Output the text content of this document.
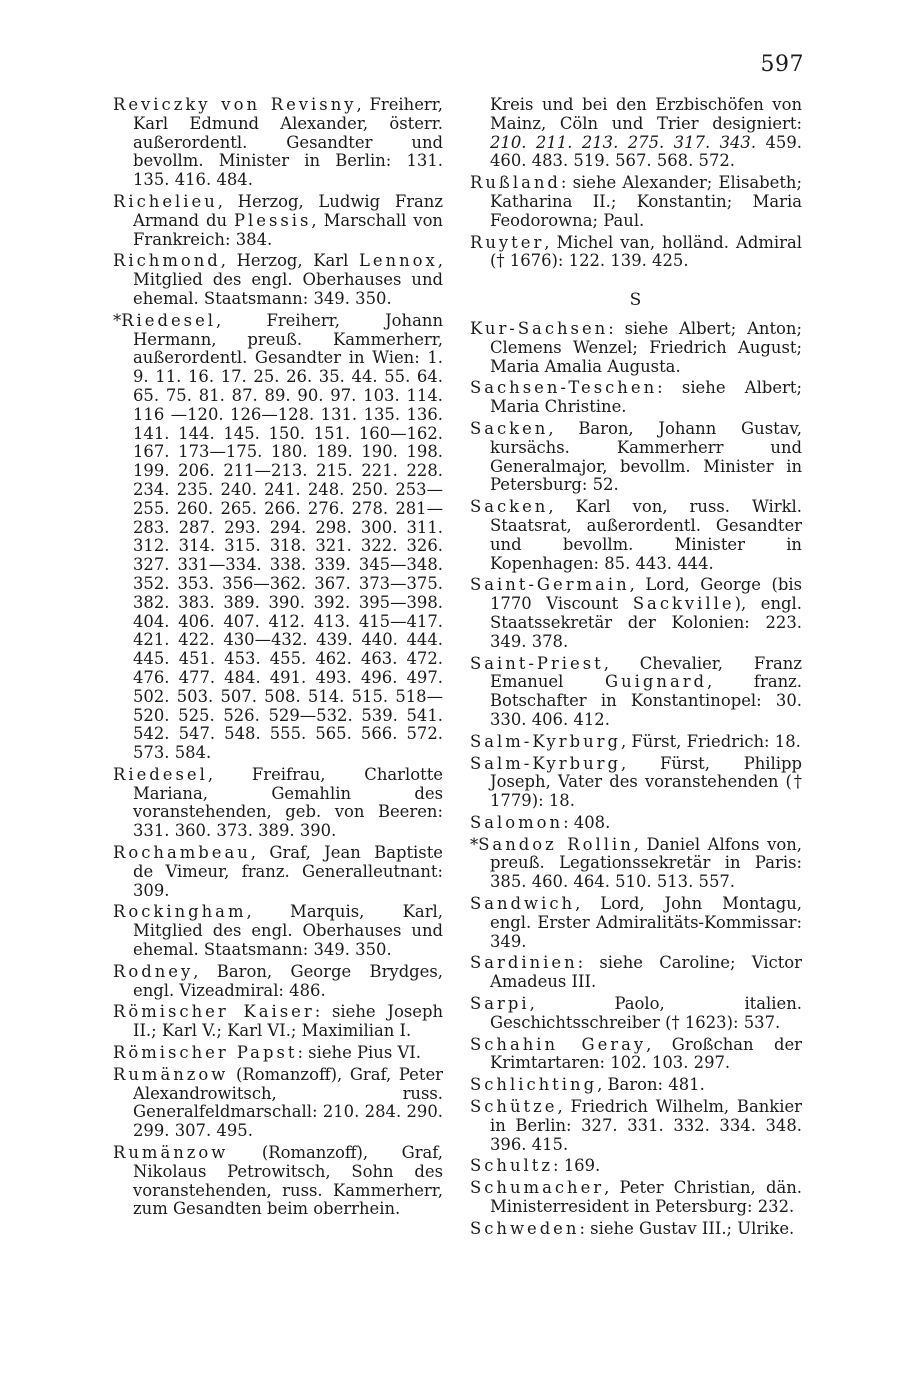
597
Reviczky von Revisny, Freiherr, Karl Edmund Alexander, österr. außerordentl. Gesandter und bevollm. Minister in Berlin: 131. 135. 416. 484.
Richelieu, Herzog, Ludwig Franz Armand du Plessis, Marschall von Frankreich: 384.
Richmond, Herzog, Karl Lennox, Mitglied des engl. Oberhauses und ehemal. Staatsmann: 349. 350.
*Riedesel, Freiherr, Johann Hermann, preuß. Kammerherr, außerordentl. Gesandter in Wien: 1. 9. 11. 16. 17. 25. 26. 35. 44. 55. 64. 65. 75. 81. 87. 89. 90. 97. 103. 114. 116 —120. 126—128. 131. 135. 136. 141. 144. 145. 150. 151. 160—162. 167. 173—175. 180. 189. 190. 198. 199. 206. 211—213. 215. 221. 228. 234. 235. 240. 241. 248. 250. 253—255. 260. 265. 266. 276. 278. 281—283. 287. 293. 294. 298. 300. 311. 312. 314. 315. 318. 321. 322. 326. 327. 331—334. 338. 339. 345—348. 352. 353. 356—362. 367. 373—375. 382. 383. 389. 390. 392. 395—398. 404. 406. 407. 412. 413. 415—417. 421. 422. 430—432. 439. 440. 444. 445. 451. 453. 455. 462. 463. 472. 476. 477. 484. 491. 493. 496. 497. 502. 503. 507. 508. 514. 515. 518—520. 525. 526. 529—532. 539. 541. 542. 547. 548. 555. 565. 566. 572. 573. 584.
Riedesel, Freifrau, Charlotte Mariana, Gemahlin des voranstehenden, geb. von Beeren: 331. 360. 373. 389. 390.
Rochambeau, Graf, Jean Baptiste de Vimeur, franz. Generalleutnant: 309.
Rockingham, Marquis, Karl, Mitglied des engl. Oberhauses und ehemal. Staatsmann: 349. 350.
Rodney, Baron, George Brydges, engl. Vizeadmiral: 486.
Römischer Kaiser: siehe Joseph II.; Karl V.; Karl VI.; Maximilian I.
Römischer Papst: siehe Pius VI.
Rumänzow (Romanzoff), Graf, Peter Alexandrowitsch, russ. Generalfeldmarschall: 210. 284. 290. 299. 307. 495.
Rumänzow (Romanzoff), Graf, Nikolaus Petrowitsch, Sohn des voranstehenden, russ. Kammerherr, zum Gesandten beim oberrhein.
Kreis und bei den Erzbischöfen von Mainz, Cöln und Trier designiert: 210. 211. 213. 275. 317. 343. 459. 460. 483. 519. 567. 568. 572.
Rußland: siehe Alexander; Elisabeth; Katharina II.; Konstantin; Maria Feodorowna; Paul.
Ruyter, Michel van, holländ. Admiral († 1676): 122. 139. 425.
S
Kur-Sachsen: siehe Albert; Anton; Clemens Wenzel; Friedrich August; Maria Amalia Augusta.
Sachsen-Teschen: siehe Albert; Maria Christine.
Sacken, Baron, Johann Gustav, kursächs. Kammerherr und Generalmajor, bevollm. Minister in Petersburg: 52.
Sacken, Karl von, russ. Wirkl. Staatsrat, außerordentl. Gesandter und bevollm. Minister in Kopenhagen: 85. 443. 444.
Saint-Germain, Lord, George (bis 1770 Viscount Sackville), engl. Staatssekretär der Kolonien: 223. 349. 378.
Saint-Priest, Chevalier, Franz Emanuel Guignard, franz. Botschafter in Konstantinopel: 30. 330. 406. 412.
Salm-Kyrburg, Fürst, Friedrich: 18.
Salm-Kyrburg, Fürst, Philipp Joseph, Vater des voranstehenden († 1779): 18.
Salomon: 408.
*Sandoz Rollin, Daniel Alfons von, preuß. Legationssekretär in Paris: 385. 460. 464. 510. 513. 557.
Sandwich, Lord, John Montagu, engl. Erster Admiralitäts-Kommissar: 349.
Sardinien: siehe Caroline; Victor Amadeus III.
Sarpi, Paolo, italien. Geschichtsschreiber († 1623): 537.
Schahin Geray, Großchan der Krimtartaren: 102. 103. 297.
Schlichting, Baron: 481.
Schütze, Friedrich Wilhelm, Bankier in Berlin: 327. 331. 332. 334. 348. 396. 415.
Schultz: 169.
Schumacher, Peter Christian, dän. Ministerresident in Petersburg: 232.
Schweden: siehe Gustav III.; Ulrike.
